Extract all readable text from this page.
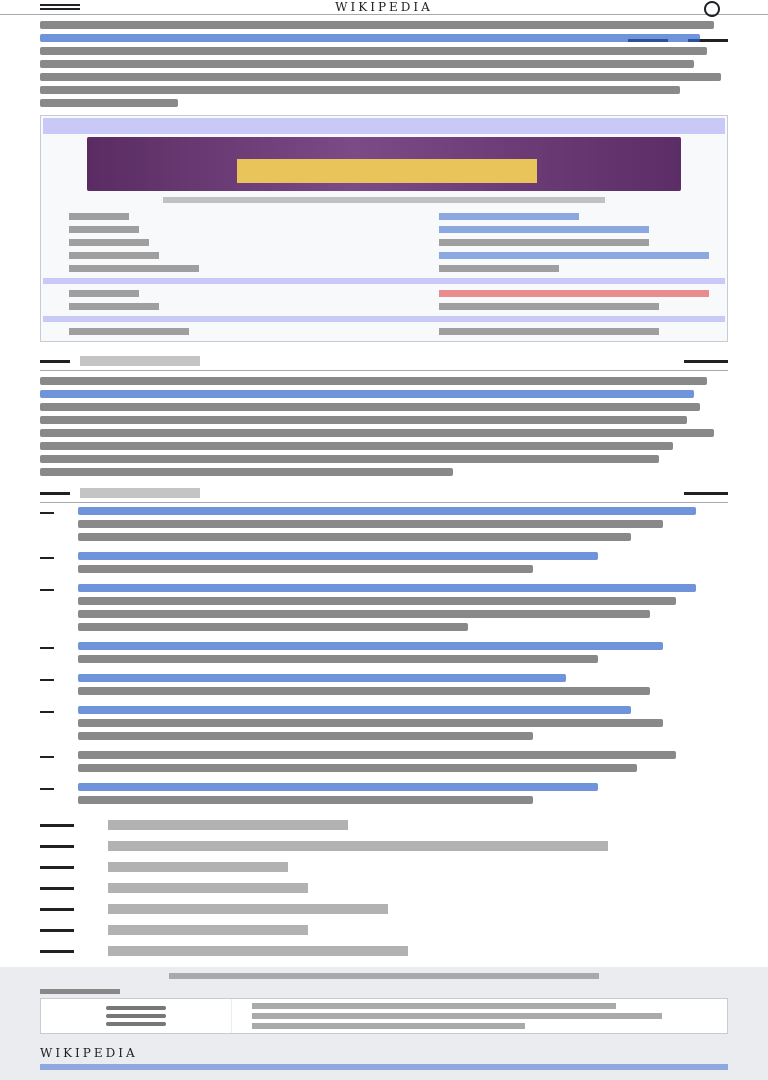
WIKIPEDIA
WIKIPEDIA
